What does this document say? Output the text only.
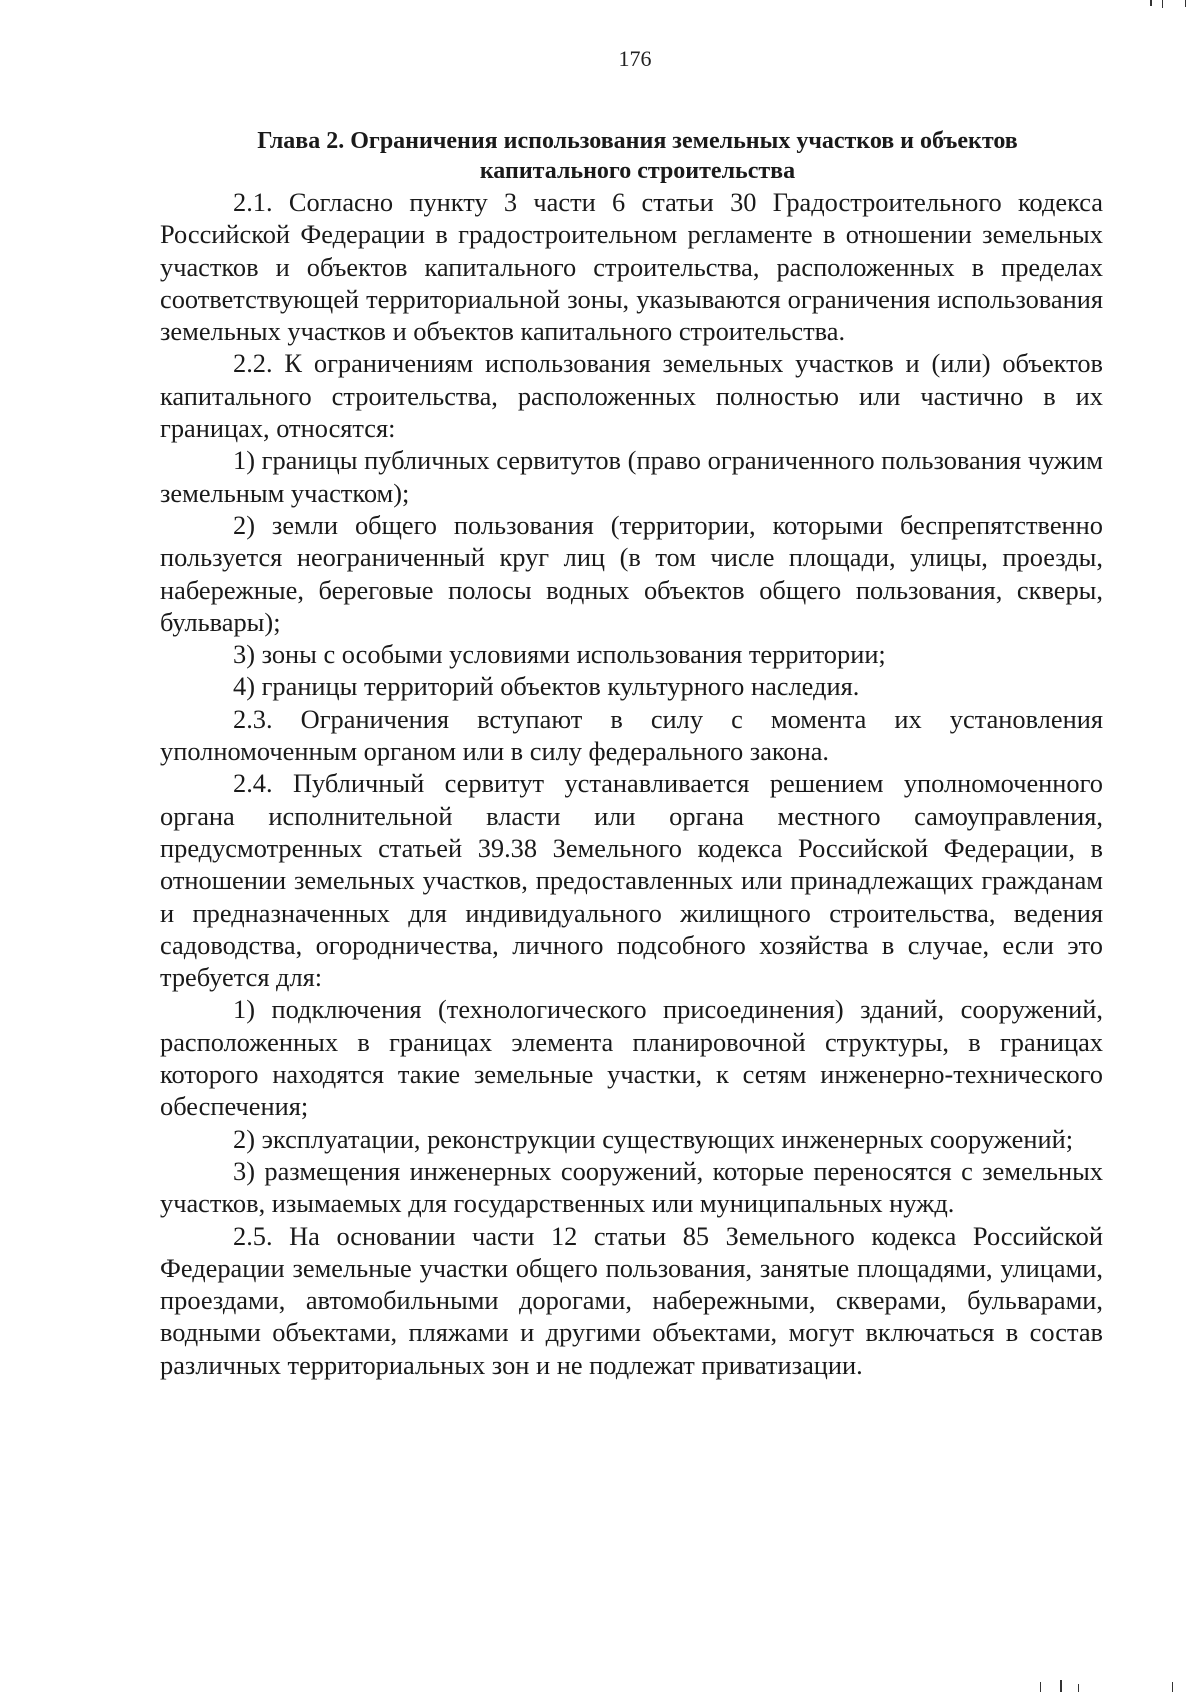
176
Глава 2. Ограничения использования земельных участков и объектов капитального строительства

2.1. Согласно пункту 3 части 6 статьи 30 Градостроительного кодекса Российской Федерации в градостроительном регламенте в отношении земельных участков и объектов капитального строительства, расположенных в пределах соответствующей территориальной зоны, указываются ограничения использования земельных участков и объектов капитального строительства.

2.2. К ограничениям использования земельных участков и (или) объектов капитального строительства, расположенных полностью или частично в их границах, относятся:

1) границы публичных сервитутов (право ограниченного пользования чужим земельным участком);

2) земли общего пользования (территории, которыми беспрепятственно пользуется неограниченный круг лиц (в том числе площади, улицы, проезды, набережные, береговые полосы водных объектов общего пользования, скверы, бульвары);

3) зоны с особыми условиями использования территории;

4) границы территорий объектов культурного наследия.

2.3. Ограничения вступают в силу с момента их установления уполномоченным органом или в силу федерального закона.

2.4. Публичный сервитут устанавливается решением уполномоченного органа исполнительной власти или органа местного самоуправления, предусмотренных статьей 39.38 Земельного кодекса Российской Федерации, в отношении земельных участков, предоставленных или принадлежащих гражданам и предназначенных для индивидуального жилищного строительства, ведения садоводства, огородничества, личного подсобного хозяйства в случае, если это требуется для:

1) подключения (технологического присоединения) зданий, сооружений, расположенных в границах элемента планировочной структуры, в границах которого находятся такие земельные участки, к сетям инженерно-технического обеспечения;

2) эксплуатации, реконструкции существующих инженерных сооружений;

3) размещения инженерных сооружений, которые переносятся с земельных участков, изымаемых для государственных или муниципальных нужд.

2.5. На основании части 12 статьи 85 Земельного кодекса Российской Федерации земельные участки общего пользования, занятые площадями, улицами, проездами, автомобильными дорогами, набережными, скверами, бульварами, водными объектами, пляжами и другими объектами, могут включаться в состав различных территориальных зон и не подлежат приватизации.
